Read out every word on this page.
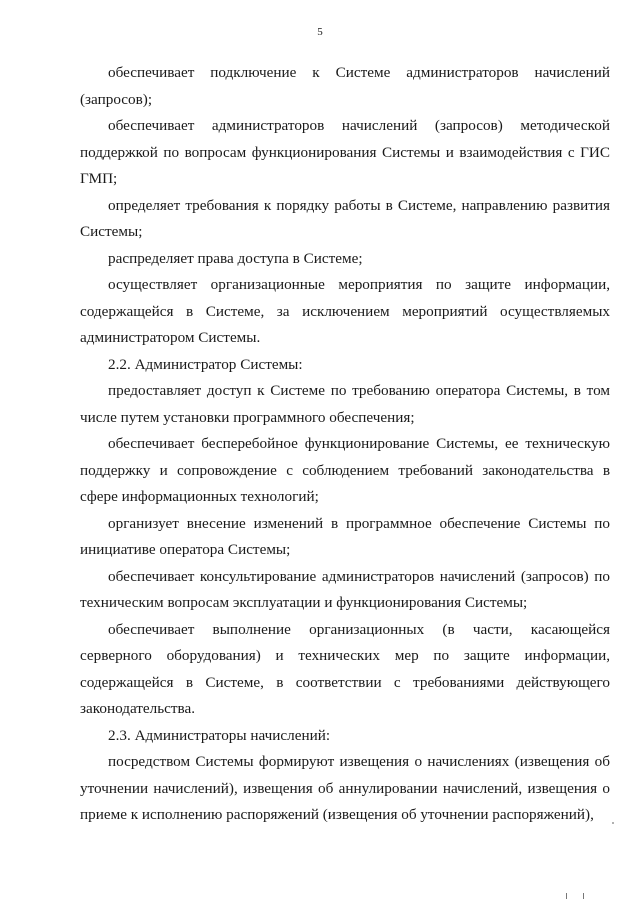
5

обеспечивает подключение к Системе администраторов начислений (запросов);

обеспечивает администраторов начислений (запросов) методической поддержкой по вопросам функционирования Системы и взаимодействия с ГИС ГМП;

определяет требования к порядку работы в Системе, направлению развития Системы;

распределяет права доступа в Системе;

осуществляет организационные мероприятия по защите информации, содержащейся в Системе, за исключением мероприятий осуществляемых администратором Системы.

2.2. Администратор Системы:

предоставляет доступ к Системе по требованию оператора Системы, в том числе путем установки программного обеспечения;

обеспечивает бесперебойное функционирование Системы, ее техническую поддержку и сопровождение с соблюдением требований законодательства в сфере информационных технологий;

организует внесение изменений в программное обеспечение Системы по инициативе оператора Системы;

обеспечивает консультирование администраторов начислений (запросов) по техническим вопросам эксплуатации и функционирования Системы;

обеспечивает выполнение организационных (в части, касающейся серверного оборудования) и технических мер по защите информации, содержащейся в Системе, в соответствии с требованиями действующего законодательства.

2.3. Администраторы начислений:

посредством Системы формируют извещения о начислениях (извещения об уточнении начислений), извещения об аннулировании начислений, извещения о приеме к исполнению распоряжений (извещения об уточнении распоряжений),
